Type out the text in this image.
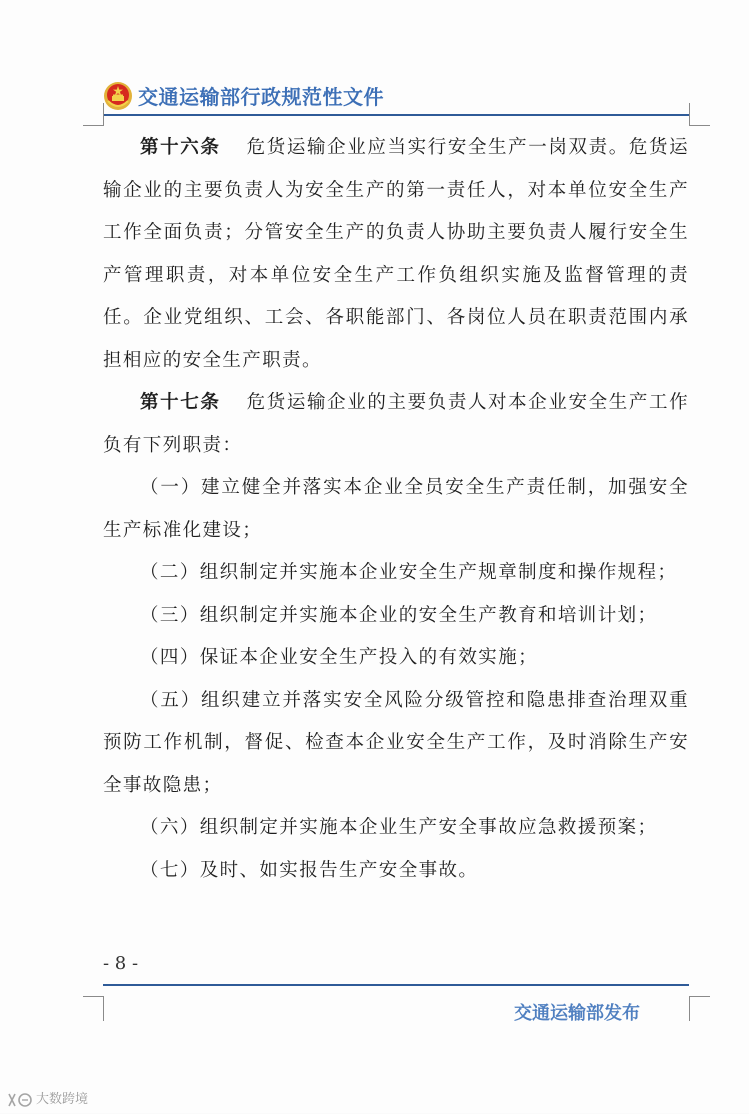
交通运输部行政规范性文件

第十六条 危货运输企业应当实行安全生产一岗双责。危货运输企业的主要负责人为安全生产的第一责任人，对本单位安全生产工作全面负责；分管安全生产的负责人协助主要负责人履行安全生产管理职责，对本单位安全生产工作负组织实施及监督管理的责任。企业党组织、工会、各职能部门、各岗位人员在职责范围内承担相应的安全生产职责。

第十七条 危货运输企业的主要负责人对本企业安全生产工作负有下列职责：

（一）建立健全并落实本企业全员安全生产责任制，加强安全生产标准化建设；

（二）组织制定并实施本企业安全生产规章制度和操作规程；

（三）组织制定并实施本企业的安全生产教育和培训计划；

（四）保证本企业安全生产投入的有效实施；

（五）组织建立并落实安全风险分级管控和隐患排查治理双重预防工作机制，督促、检查本企业安全生产工作，及时消除生产安全事故隐患；

（六）组织制定并实施本企业生产安全事故应急救援预案；

（七）及时、如实报告生产安全事故。

- 8 -
交通运输部发布
大数跨境
